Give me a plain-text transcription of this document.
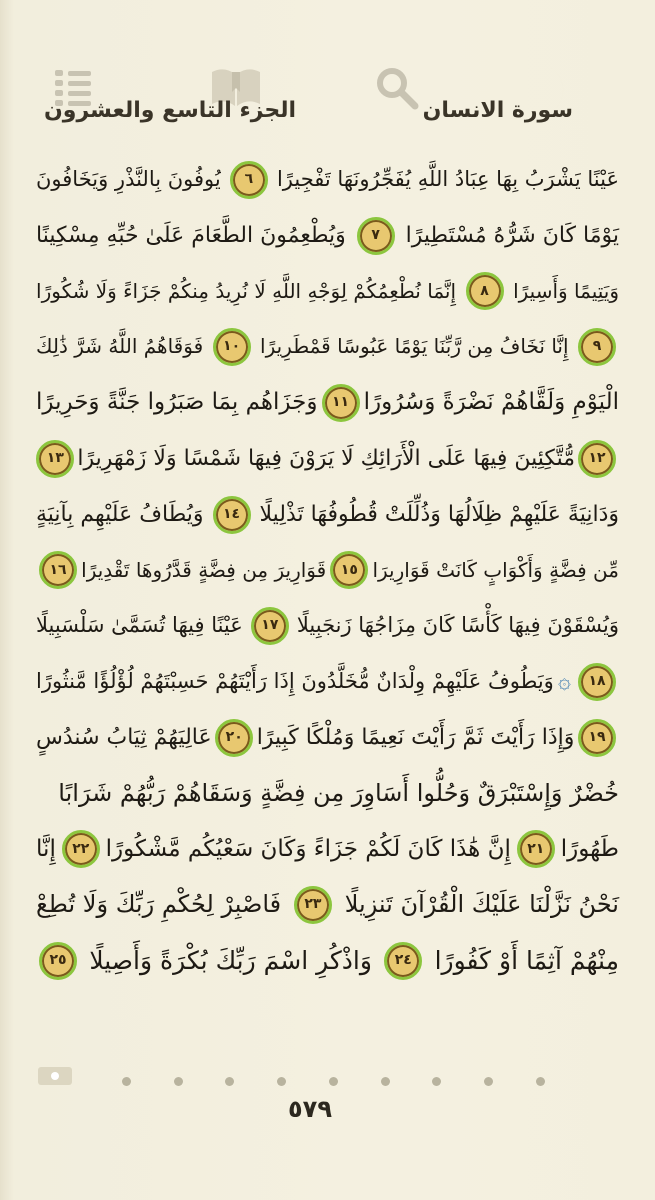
الجزء التاسع والعشرون	سورة الانسان
عَيْنًا يَشْرَبُ بِهَا عِبَادُ اللَّهِ يُفَجِّرُونَهَا تَفْجِيرًا
٦
يُوفُونَ بِالنَّذْرِ وَيَخَافُونَ
يَوْمًا كَانَ شَرُّهُ مُسْتَطِيرًا
٧
وَيُطْعِمُونَ الطَّعَامَ عَلَىٰ حُبِّهِ مِسْكِينًا
وَيَتِيمًا وَأَسِيرًا
٨
إِنَّمَا نُطْعِمُكُمْ لِوَجْهِ اللَّهِ لَا نُرِيدُ مِنكُمْ جَزَاءً وَلَا شُكُورًا
٩
إِنَّا نَخَافُ مِن رَّبِّنَا يَوْمًا عَبُوسًا قَمْطَرِيرًا
١٠
فَوَقَاهُمُ اللَّهُ شَرَّ ذَٰلِكَ
الْيَوْمِ وَلَقَّاهُمْ نَضْرَةً وَسُرُورًا
١١
وَجَزَاهُم بِمَا صَبَرُوا جَنَّةً وَحَرِيرًا
١٢
مُّتَّكِئِينَ فِيهَا عَلَى الْأَرَائِكِ لَا يَرَوْنَ فِيهَا شَمْسًا وَلَا زَمْهَرِيرًا
١٣
وَدَانِيَةً عَلَيْهِمْ ظِلَالُهَا وَذُلِّلَتْ قُطُوفُهَا تَذْلِيلًا
١٤
وَيُطَافُ عَلَيْهِم بِآنِيَةٍ
مِّن فِضَّةٍ وَأَكْوَابٍ كَانَتْ قَوَارِيرَا
١٥
قَوَارِيرَ مِن فِضَّةٍ قَدَّرُوهَا تَقْدِيرًا
١٦
وَيُسْقَوْنَ فِيهَا كَأْسًا كَانَ مِزَاجُهَا زَنجَبِيلًا
١٧
عَيْنًا فِيهَا تُسَمَّىٰ سَلْسَبِيلًا
١٨
۞
وَيَطُوفُ عَلَيْهِمْ وِلْدَانٌ مُّخَلَّدُونَ إِذَا رَأَيْتَهُمْ حَسِبْتَهُمْ لُؤْلُؤًا مَّنثُورًا
١٩
وَإِذَا رَأَيْتَ ثَمَّ رَأَيْتَ نَعِيمًا وَمُلْكًا كَبِيرًا
٢٠
عَالِيَهُمْ ثِيَابُ سُندُسٍ
خُضْرٌ وَإِسْتَبْرَقٌ وَحُلُّوا أَسَاوِرَ مِن فِضَّةٍ وَسَقَاهُمْ رَبُّهُمْ شَرَابًا
طَهُورًا
٢١
إِنَّ هَٰذَا كَانَ لَكُمْ جَزَاءً وَكَانَ سَعْيُكُم مَّشْكُورًا
٢٢
إِنَّا
نَحْنُ نَزَّلْنَا عَلَيْكَ الْقُرْآنَ تَنزِيلًا
٢٣
فَاصْبِرْ لِحُكْمِ رَبِّكَ وَلَا تُطِعْ
مِنْهُمْ آثِمًا أَوْ كَفُورًا
٢٤
وَاذْكُرِ اسْمَ رَبِّكَ بُكْرَةً وَأَصِيلًا
٢٥
٥٧٩
